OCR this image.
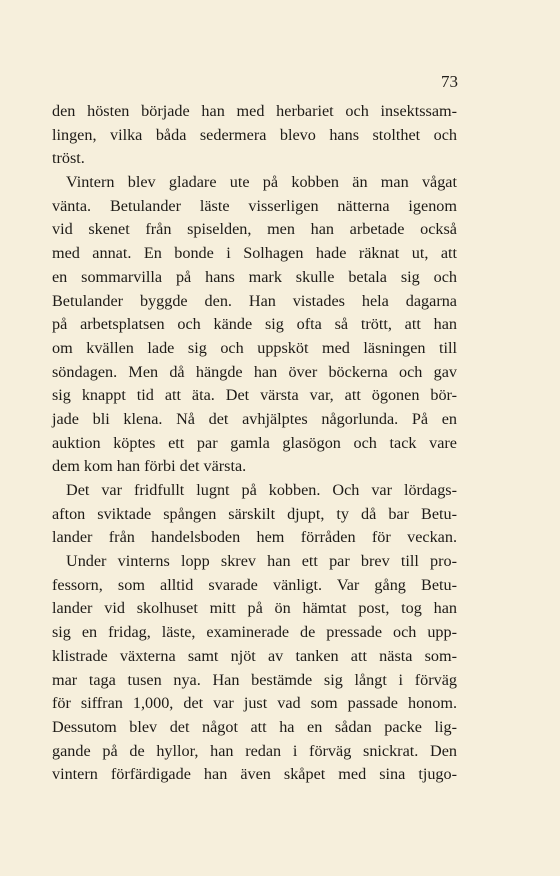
73
den hösten började han med herbariet och insektssam-
lingen, vilka båda sedermera blevo hans stolthet och
tröst.
Vintern blev gladare ute på kobben än man vågat
vänta. Betulander läste visserligen nätterna igenom
vid skenet från spiselden, men han arbetade också
med annat. En bonde i Solhagen hade räknat ut, att
en sommarvilla på hans mark skulle betala sig och
Betulander byggde den. Han vistades hela dagarna
på arbetsplatsen och kände sig ofta så trött, att han
om kvällen lade sig och uppsköt med läsningen till
söndagen. Men då hängde han över böckerna och gav
sig knappt tid att äta. Det värsta var, att ögonen bör-
jade bli klena. Nå det avhjälptes någorlunda. På en
auktion köptes ett par gamla glasögon och tack vare
dem kom han förbi det värsta.
Det var fridfullt lugnt på kobben. Och var lördags-
afton sviktade spången särskilt djupt, ty då bar Betu-
lander från handelsboden hem förråden för veckan.
Under vinterns lopp skrev han ett par brev till pro-
fessorn, som alltid svarade vänligt. Var gång Betu-
lander vid skolhuset mitt på ön hämtat post, tog han
sig en fridag, läste, examinerade de pressade och upp-
klistrade växterna samt njöt av tanken att nästa som-
mar taga tusen nya. Han bestämde sig långt i förväg
för siffran 1,000, det var just vad som passade honom.
Dessutom blev det något att ha en sådan packe lig-
gande på de hyllor, han redan i förväg snickrat. Den
vintern förfärdigade han även skåpet med sina tjugo-
